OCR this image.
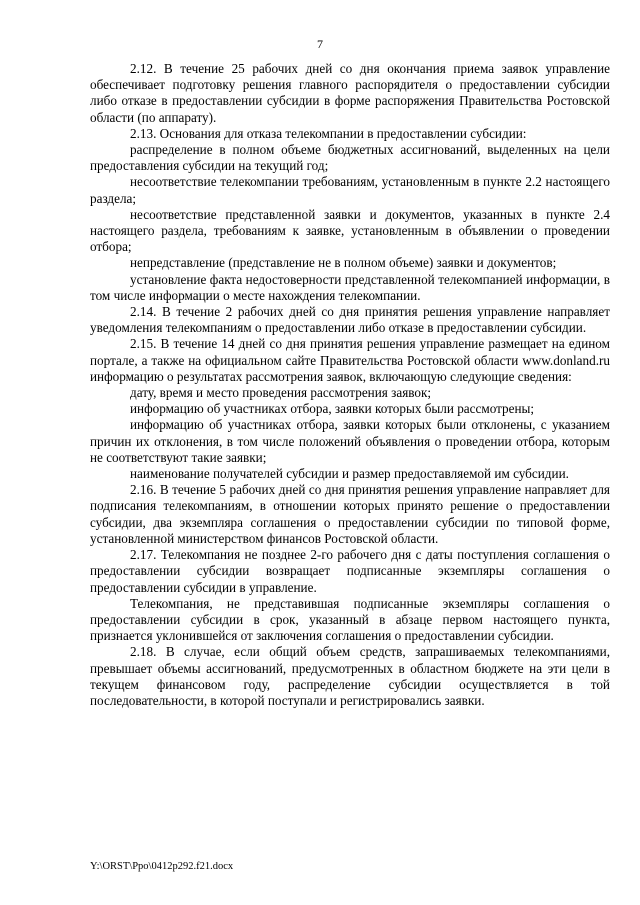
7

2.12. В течение 25 рабочих дней со дня окончания приема заявок управление обеспечивает подготовку решения главного распорядителя о предоставлении субсидии либо отказе в предоставлении субсидии в форме распоряжения Правительства Ростовской области (по аппарату).

2.13. Основания для отказа телекомпании в предоставлении субсидии:

распределение в полном объеме бюджетных ассигнований, выделенных на цели предоставления субсидии на текущий год;

несоответствие телекомпании требованиям, установленным в пункте 2.2 настоящего раздела;

несоответствие представленной заявки и документов, указанных в пункте 2.4 настоящего раздела, требованиям к заявке, установленным в объявлении о проведении отбора;

непредставление (представление не в полном объеме) заявки и документов;

установление факта недостоверности представленной телекомпанией информации, в том числе информации о месте нахождения телекомпании.

2.14. В течение 2 рабочих дней со дня принятия решения управление направляет уведомления телекомпаниям о предоставлении либо отказе в предоставлении субсидии.

2.15. В течение 14 дней со дня принятия решения управление размещает на едином портале, а также на официальном сайте Правительства Ростовской области www.donland.ru информацию о результатах рассмотрения заявок, включающую следующие сведения:

дату, время и место проведения рассмотрения заявок;

информацию об участниках отбора, заявки которых были рассмотрены;

информацию об участниках отбора, заявки которых были отклонены, с указанием причин их отклонения, в том числе положений объявления о проведении отбора, которым не соответствуют такие заявки;

наименование получателей субсидии и размер предоставляемой им субсидии.

2.16. В течение 5 рабочих дней со дня принятия решения управление направляет для подписания телекомпаниям, в отношении которых принято решение о предоставлении субсидии, два экземпляра соглашения о предоставлении субсидии по типовой форме, установленной министерством финансов Ростовской области.

2.17. Телекомпания не позднее 2-го рабочего дня с даты поступления соглашения о предоставлении субсидии возвращает подписанные экземпляры соглашения о предоставлении субсидии в управление.

Телекомпания, не представившая подписанные экземпляры соглашения о предоставлении субсидии в срок, указанный в абзаце первом настоящего пункта, признается уклонившейся от заключения соглашения о предоставлении субсидии.

2.18. В случае, если общий объем средств, запрашиваемых телекомпаниями, превышает объемы ассигнований, предусмотренных в областном бюджете на эти цели в текущем финансовом году, распределение субсидии осуществляется в той последовательности, в которой поступали и регистрировались заявки.

Y:\ORST\Ppo\0412p292.f21.docx
